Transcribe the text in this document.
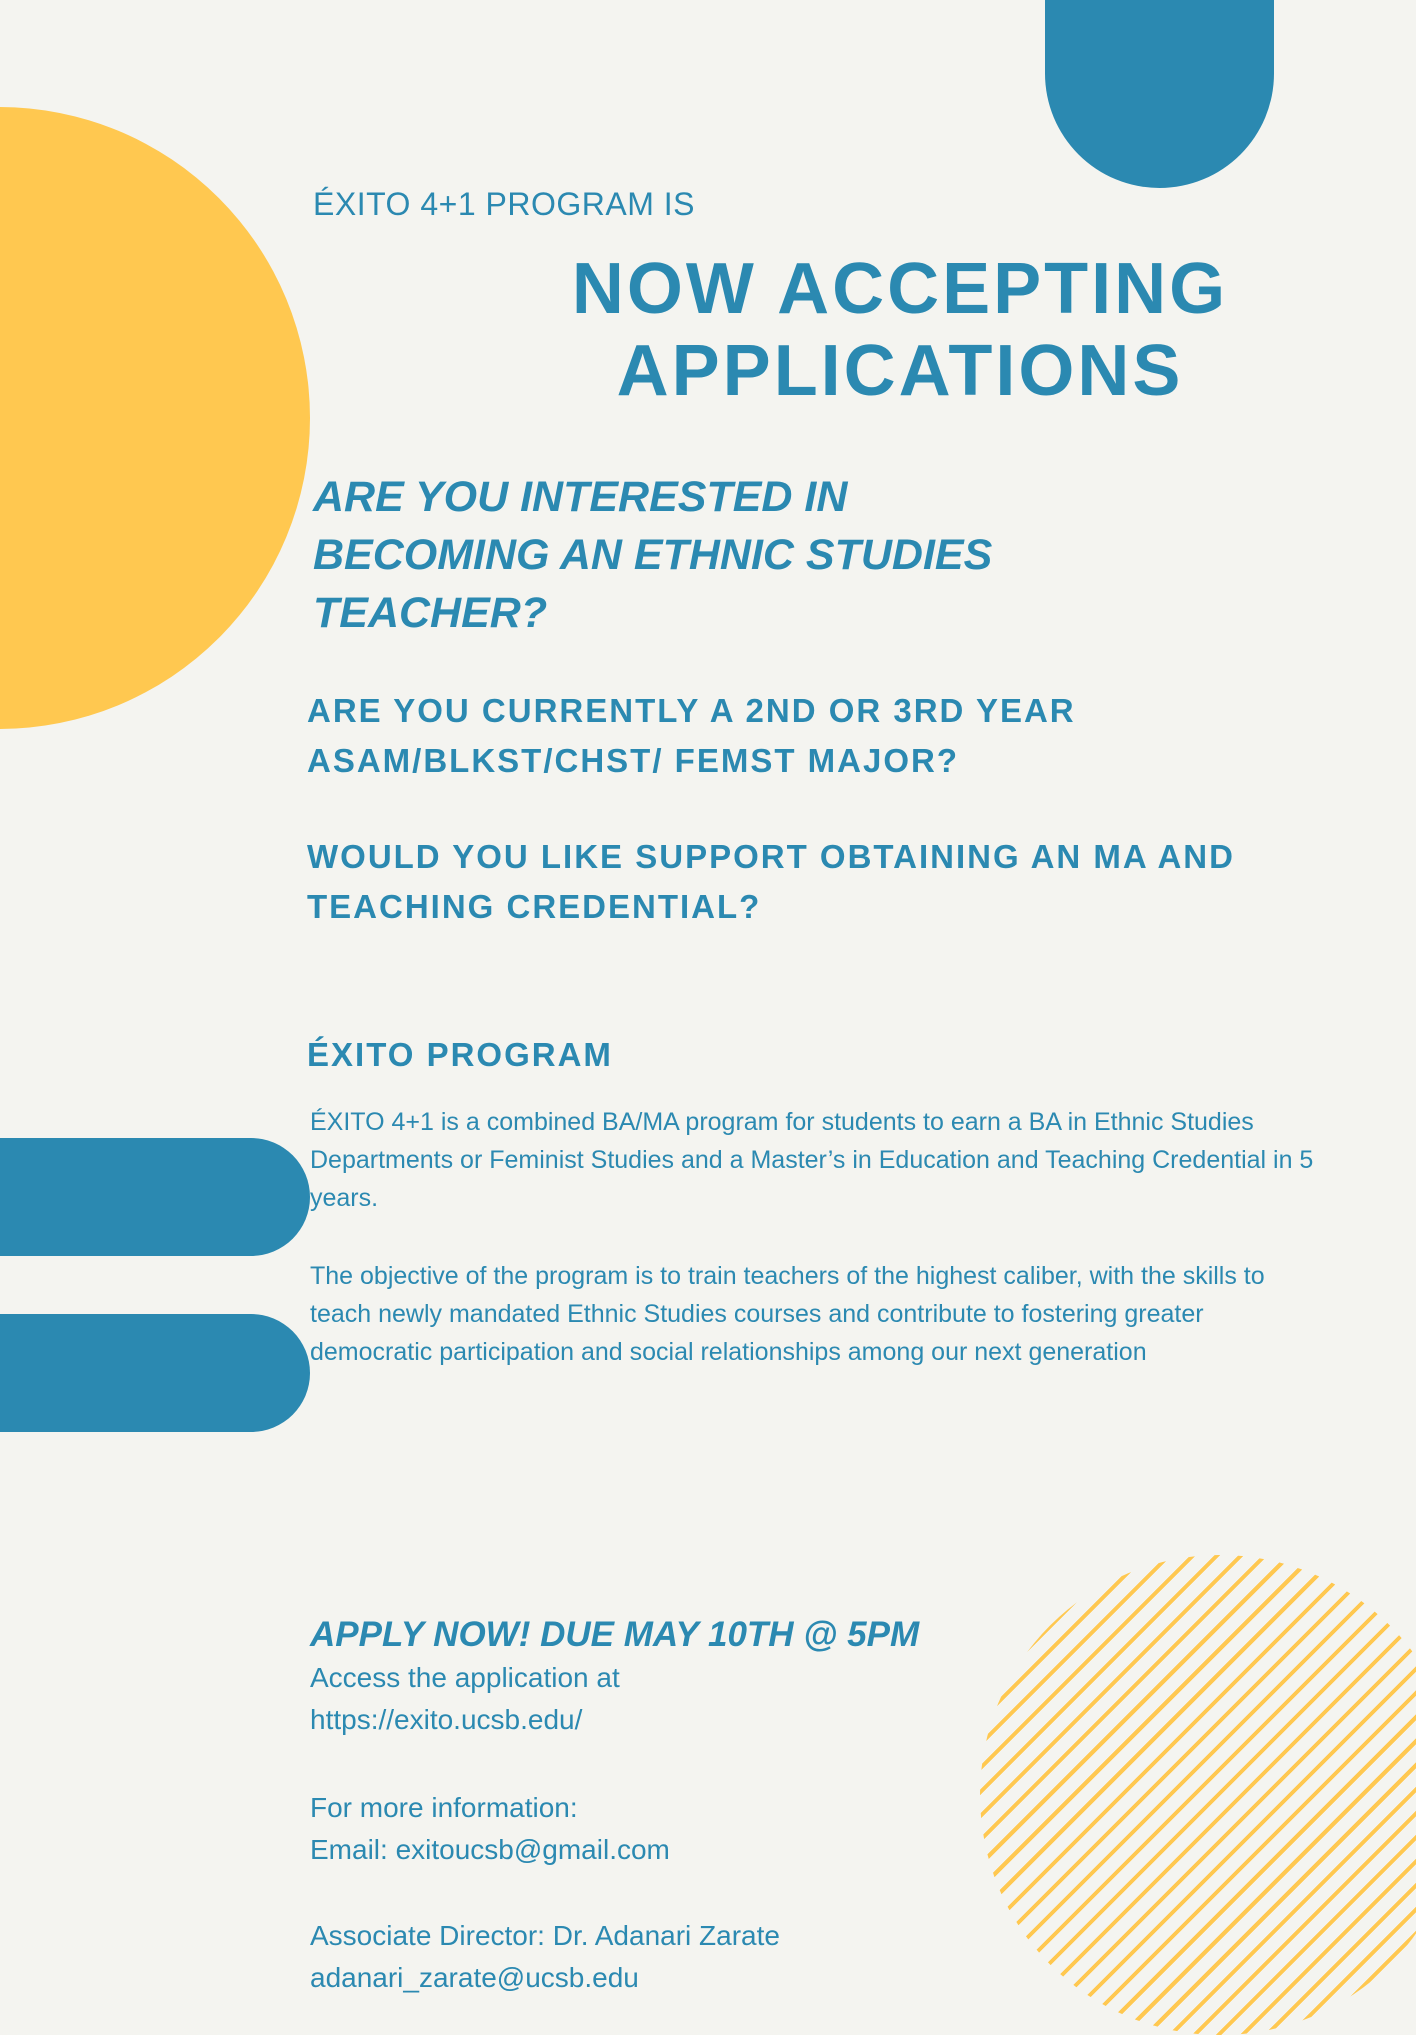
ÉXITO 4+1 PROGRAM IS

NOW ACCEPTING
APPLICATIONS
ARE YOU INTERESTED IN
BECOMING AN ETHNIC STUDIES
TEACHER?
ARE YOU CURRENTLY A 2ND OR 3RD YEAR
ASAM/BLKST/CHST/ FEMST MAJOR?
WOULD YOU LIKE SUPPORT OBTAINING AN MA AND
TEACHING CREDENTIAL?
ÉXITO PROGRAM

ÉXITO 4+1 is a combined BA/MA program for students to earn a BA in Ethnic Studies Departments or Feminist Studies and a Master’s in Education and Teaching Credential in 5 years.

The objective of the program is to train teachers of the highest caliber, with the skills to teach newly mandated Ethnic Studies courses and contribute to fostering greater democratic participation and social relationships among our next generation

APPLY NOW! DUE MAY 10TH @ 5PM
Access the application at
https://exito.ucsb.edu/
For more information:
Email: exitoucsb@gmail.com
Associate Director: Dr. Adanari Zarate
adanari_zarate@ucsb.edu
